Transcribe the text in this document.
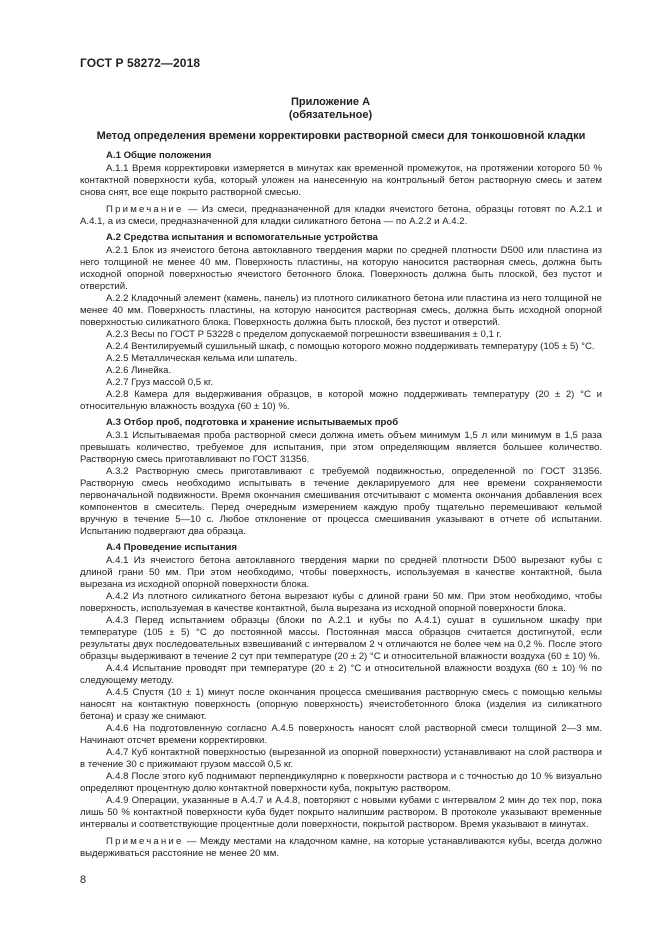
ГОСТ Р 58272—2018
Приложение А
(обязательное)
Метод определения времени корректировки растворной смеси для тонкошовной кладки
А.1 Общие положения

А.1.1 Время корректировки измеряется в минутах как временной промежуток, на протяжении которого 50 % контактной поверхности куба, который уложен на нанесенную на контрольный бетон растворную смесь и затем снова снят, все еще покрыто растворной смесью.

Примечание — Из смеси, предназначенной для кладки ячеистого бетона, образцы готовят по А.2.1 и А.4.1, а из смеси, предназначенной для кладки силикатного бетона — по А.2.2 и А.4.2.

А.2 Средства испытания и вспомогательные устройства

А.2.1 Блок из ячеистого бетона автоклавного твердения марки по средней плотности D500 или пластина из него толщиной не менее 40 мм. Поверхность пластины, на которую наносится растворная смесь, должна быть исходной опорной поверхностью ячеистого бетонного блока. Поверхность должна быть плоской, без пустот и отверстий.

А.2.2 Кладочный элемент (камень, панель) из плотного силикатного бетона или пластина из него толщиной не менее 40 мм. Поверхность пластины, на которую наносится растворная смесь, должна быть исходной опорной поверхностью силикатного блока. Поверхность должна быть плоской, без пустот и отверстий.

А.2.3 Весы по ГОСТ Р 53228 с пределом допускаемой погрешности взвешивания ± 0,1 г.

А.2.4 Вентилируемый сушильный шкаф, с помощью которого можно поддерживать температуру (105 ± 5) °С.

А.2.5 Металлическая кельма или шпатель.

А.2.6 Линейка.

А.2.7 Груз массой 0,5 кг.

А.2.8 Камера для выдерживания образцов, в которой можно поддерживать температуру (20 ± 2) °С и относительную влажность воздуха (60 ± 10) %.

А.3 Отбор проб, подготовка и хранение испытываемых проб

А.3.1 Испытываемая проба растворной смеси должна иметь объем минимум 1,5 л или минимум в 1,5 раза превышать количество, требуемое для испытания, при этом определяющим является большее количество. Растворную смесь приготавливают по ГОСТ 31356.

А.3.2 Растворную смесь приготавливают с требуемой подвижностью, определенной по ГОСТ 31356. Растворную смесь необходимо испытывать в течение декларируемого для нее времени сохраняемости первоначальной подвижности. Время окончания смешивания отсчитывают с момента окончания добавления всех компонентов в смеситель. Перед очередным измерением каждую пробу тщательно перемешивают кельмой вручную в течение 5—10 с. Любое отклонение от процесса смешивания указывают в отчете об испытании. Испытанию подвергают два образца.

А.4 Проведение испытания

А.4.1 Из ячеистого бетона автоклавного твердения марки по средней плотности D500 вырезают кубы с длиной грани 50 мм. При этом необходимо, чтобы поверхность, используемая в качестве контактной, была вырезана из исходной опорной поверхности блока.

А.4.2 Из плотного силикатного бетона вырезают кубы с длиной грани 50 мм. При этом необходимо, чтобы поверхность, используемая в качестве контактной, была вырезана из исходной опорной поверхности блока.

А.4.3 Перед испытанием образцы (блоки по А.2.1 и кубы по А.4.1) сушат в сушильном шкафу при температуре (105 ± 5) °С до постоянной массы. Постоянная масса образцов считается достигнутой, если результаты двух последовательных взвешиваний с интервалом 2 ч отличаются не более чем на 0,2 %. После этого образцы выдерживают в течение 2 сут при температуре (20 ± 2) °С и относительной влажности воздуха (60 ± 10) %.

А.4.4 Испытание проводят при температуре (20 ± 2) °С и относительной влажности воздуха (60 ± 10) % по следующему методу.

А.4.5 Спустя (10 ± 1) минут после окончания процесса смешивания растворную смесь с помощью кельмы наносят на контактную поверхность (опорную поверхность) ячеистобетонного блока (изделия из силикатного бетона) и сразу же снимают.

А.4.6 На подготовленную согласно А.4.5 поверхность наносят слой растворной смеси толщиной 2—3 мм. Начинают отсчет времени корректировки.

А.4.7 Куб контактной поверхностью (вырезанной из опорной поверхности) устанавливают на слой раствора и в течение 30 с прижимают грузом массой 0,5 кг.

А.4.8 После этого куб поднимают перпендикулярно к поверхности раствора и с точностью до 10 % визуально определяют процентную долю контактной поверхности куба, покрытую раствором.

А.4.9 Операции, указанные в А.4.7 и А.4.8, повторяют с новыми кубами с интервалом 2 мин до тех пор, пока лишь 50 % контактной поверхности куба будет покрыто налипшим раствором. В протоколе указывают временные интервалы и соответствующие процентные доли поверхности, покрытой раствором. Время указывают в минутах.

Примечание — Между местами на кладочном камне, на которые устанавливаются кубы, всегда должно выдерживаться расстояние не менее 20 мм.

8
